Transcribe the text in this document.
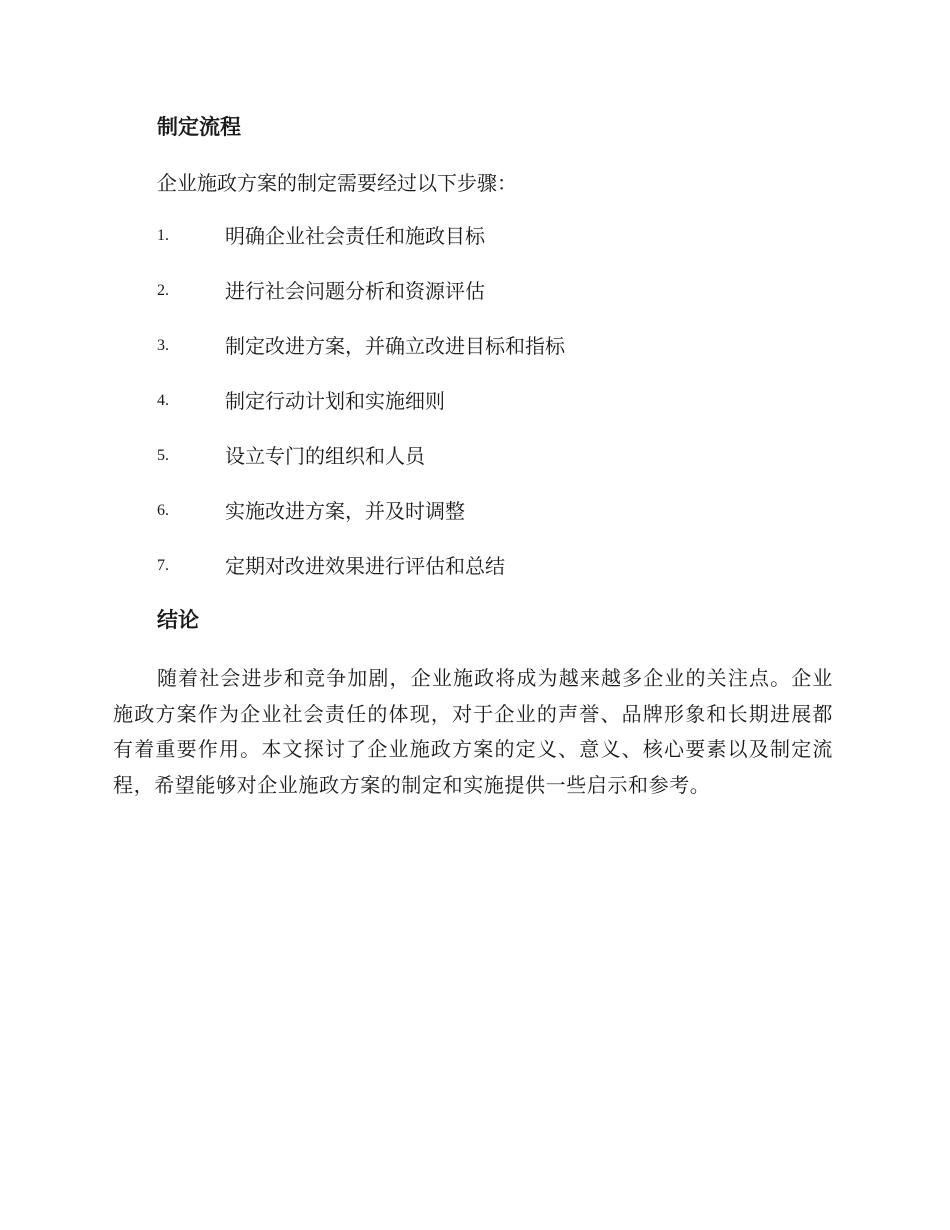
制定流程

企业施政方案的制定需要经过以下步骤：

1.	明确企业社会责任和施政目标
2.	进行社会问题分析和资源评估
3.	制定改进方案，并确立改进目标和指标
4.	制定行动计划和实施细则
5.	设立专门的组织和人员
6.	实施改进方案，并及时调整
7.	定期对改进效果进行评估和总结
结论

随着社会进步和竞争加剧，企业施政将成为越来越多企业的关注点。企业施政方案作为企业社会责任的体现，对于企业的声誉、品牌形象和长期进展都有着重要作用。本文探讨了企业施政方案的定义、意义、核心要素以及制定流程，希望能够对企业施政方案的制定和实施提供一些启示和参考。
